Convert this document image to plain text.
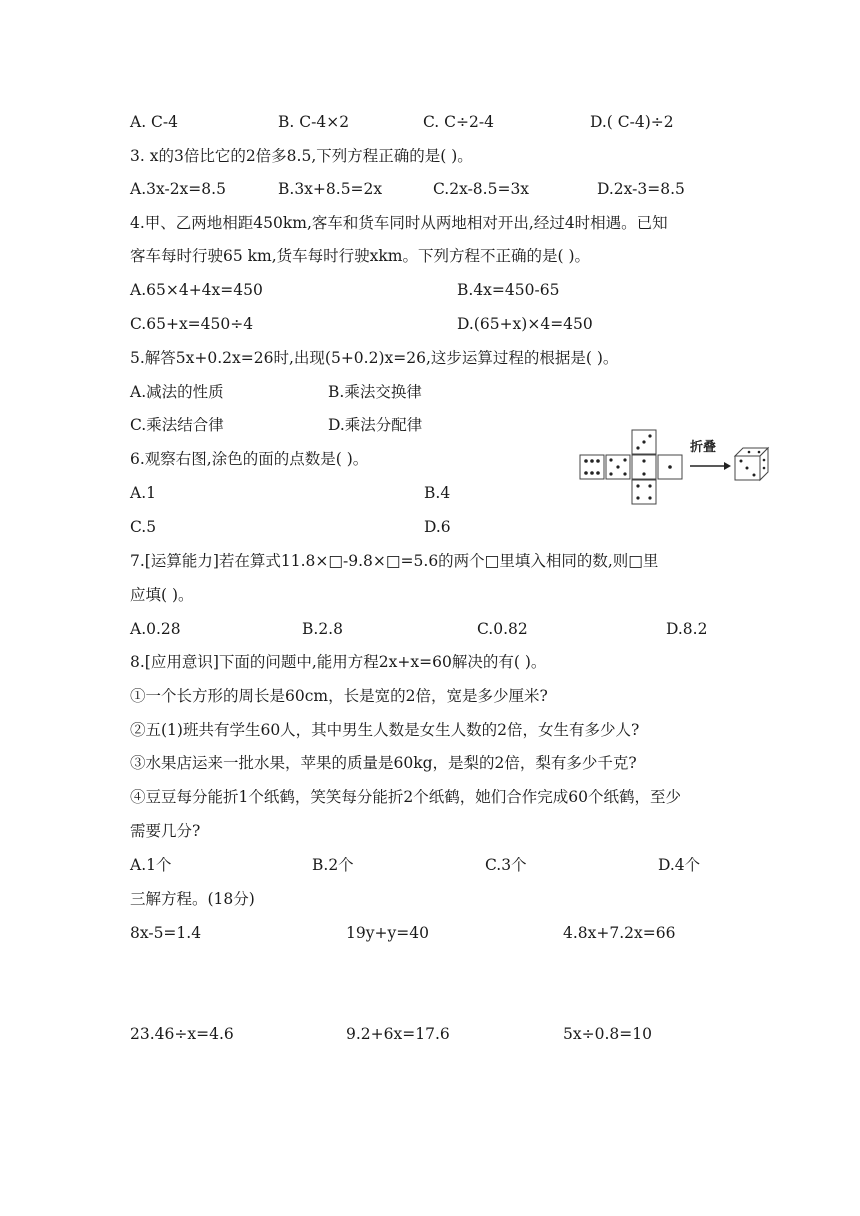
A. C-4	B. C-4×2	C. C÷2-4	D.( C-4)÷2
3. x的3倍比它的2倍多8.5,下列方程正确的是( )。
A.3x-2x=8.5	B.3x+8.5=2x	C.2x-8.5=3x	D.2x-3=8.5
4.甲、乙两地相距450km,客车和货车同时从两地相对开出,经过4时相遇。已知
客车每时行驶65 km,货车每时行驶xkm。下列方程不正确的是( )。
A.65×4+4x=450	B.4x=450-65
C.65+x=450÷4	D.(65+x)×4=450
5.解答5x+0.2x=26时,出现(5+0.2)x=26,这步运算过程的根据是( )。
A.减法的性质	B.乘法交换律
C.乘法结合律	D.乘法分配律
6.观察右图,涂色的面的点数是( )。
A.1	B.4
C.5	D.6
折叠
7.[运算能力]若在算式11.8×□-9.8×□=5.6的两个□里填入相同的数,则□里
应填( )。
A.0.28	B.2.8	C.0.82	D.8.2
8.[应用意识]下面的问题中,能用方程2x+x=60解决的有( )。
①一个长方形的周长是60cm，长是宽的2倍，宽是多少厘米?
②五(1)班共有学生60人，其中男生人数是女生人数的2倍，女生有多少人?
③水果店运来一批水果，苹果的质量是60kg，是梨的2倍，梨有多少千克?
④豆豆每分能折1个纸鹤，笑笑每分能折2个纸鹤，她们合作完成60个纸鹤，至少
需要几分?
A.1个	B.2个	C.3个	D.4个
三解方程。(18分)
8x-5=1.4	19y+y=40	4.8x+7.2x=66
23.46÷x=4.6	9.2+6x=17.6	5x÷0.8=10
